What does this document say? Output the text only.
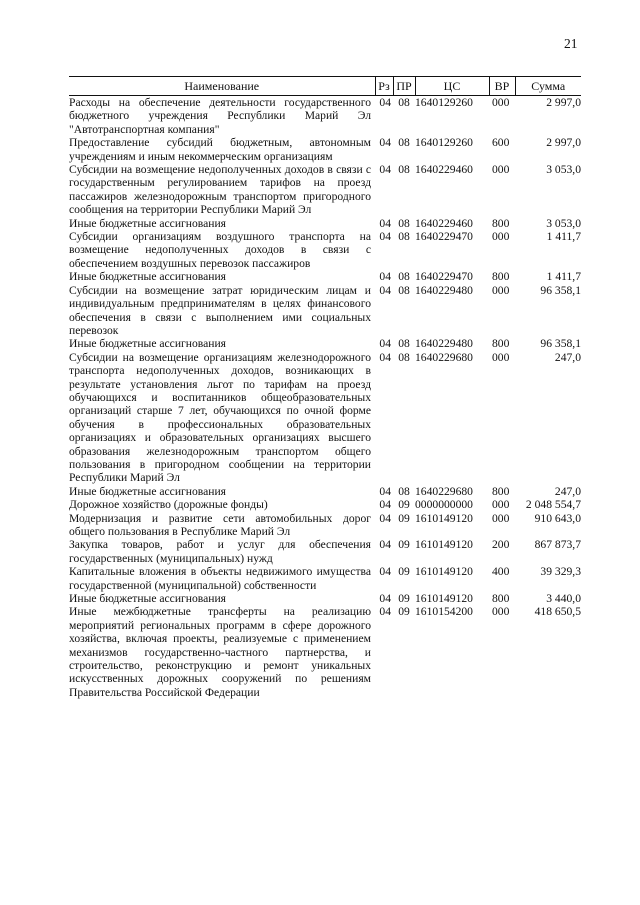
21
Наименование	Рз	ПР	ЦС	ВР	Сумма
Расходы на обеспечение деятельности государственного бюджетного учреждения Республики Марий Эл "Автотранспортная компания"	04	08	1640129260	000	2 997,0
Предоставление субсидий бюджетным, автономным учреждениям и иным некоммерческим организациям	04	08	1640129260	600	2 997,0
Субсидии на возмещение недополученных доходов в связи с государственным регулированием тарифов на проезд пассажиров железнодорожным транспортом пригородного сообщения на территории Республики Марий Эл	04	08	1640229460	000	3 053,0
Иные бюджетные ассигнования	04	08	1640229460	800	3 053,0
Субсидии организациям воздушного транспорта на возмещение недополученных доходов в связи с обеспечением воздушных перевозок пассажиров	04	08	1640229470	000	1 411,7
Иные бюджетные ассигнования	04	08	1640229470	800	1 411,7
Субсидии на возмещение затрат юридическим лицам и индивидуальным предпринимателям в целях финансового обеспечения в связи с выполнением ими социальных перевозок	04	08	1640229480	000	96 358,1
Иные бюджетные ассигнования	04	08	1640229480	800	96 358,1
Субсидии на возмещение организациям железнодорожного транспорта недополученных доходов, возникающих в результате установления льгот по тарифам на проезд обучающихся и воспитанников общеобразовательных организаций старше 7 лет, обучающихся по очной форме обучения в профессиональных образовательных организациях и образовательных организациях высшего образования железнодорожным транспортом общего пользования в пригородном сообщении на территории Республики Марий Эл	04	08	1640229680	000	247,0
Иные бюджетные ассигнования	04	08	1640229680	800	247,0
Дорожное хозяйство (дорожные фонды)	04	09	0000000000	000	2 048 554,7
Модернизация и развитие сети автомобильных дорог общего пользования в Республике Марий Эл	04	09	1610149120	000	910 643,0
Закупка товаров, работ и услуг для обеспечения государственных (муниципальных) нужд	04	09	1610149120	200	867 873,7
Капитальные вложения в объекты недвижимого имущества государственной (муниципальной) собственности	04	09	1610149120	400	39 329,3
Иные бюджетные ассигнования	04	09	1610149120	800	3 440,0
Иные межбюджетные трансферты на реализацию мероприятий региональных программ в сфере дорожного хозяйства, включая проекты, реализуемые с применением механизмов государственно-частного партнерства, и строительство, реконструкцию и ремонт уникальных искусственных дорожных сооружений по решениям Правительства Российской Федерации	04	09	1610154200	000	418 650,5
